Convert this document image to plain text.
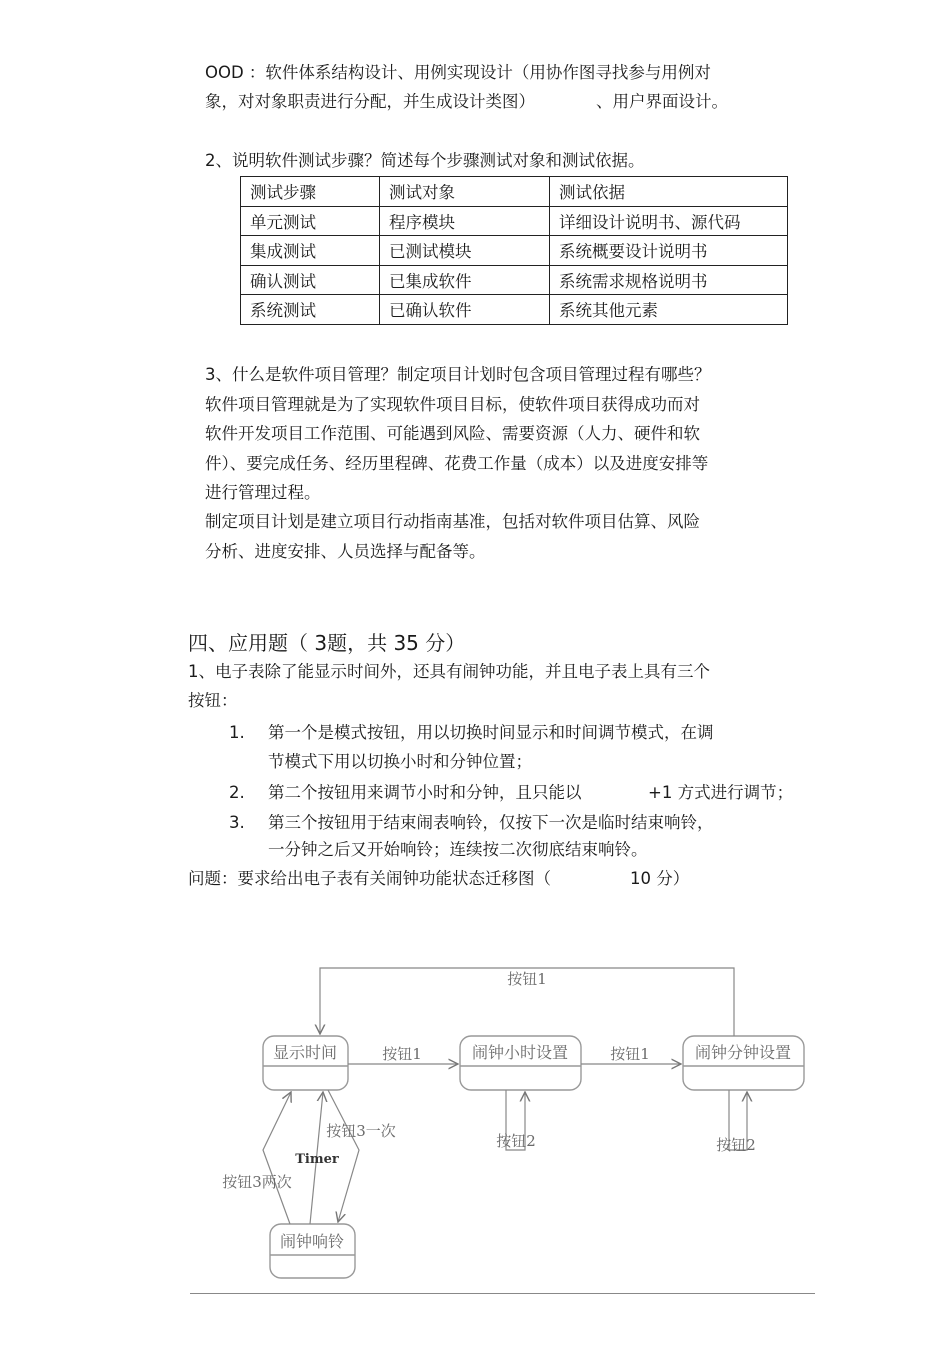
OOD ：软件体系结构设计、用例实现设计（用协作图寻找参与用例对
象，对对象职责进行分配，并生成设计类图）	、用户界面设计。
2、说明软件测试步骤？简述每个步骤测试对象和测试依据。
测试步骤	测试对象	测试依据
单元测试	程序模块	详细设计说明书、源代码
集成测试	已测试模块	系统概要设计说明书
确认测试	已集成软件	系统需求规格说明书
系统测试	已确认软件	系统其他元素
3、什么是软件项目管理？制定项目计划时包含项目管理过程有哪些？
软件项目管理就是为了实现软件项目目标，使软件项目获得成功而对
软件开发项目工作范围、可能遇到风险、需要资源（人力、硬件和软
件）、要完成任务、经历里程碑、花费工作量（成本）以及进度安排等
进行管理过程。
制定项目计划是建立项目行动指南基准，包括对软件项目估算、风险
分析、进度安排、人员选择与配备等。
四、应用题（ 3题，共 35 分）
1、电子表除了能显示时间外，还具有闹钟功能，并且电子表上具有三个
按钮：
1. 第一个是模式按钮，用以切换时间显示和时间调节模式，在调
节模式下用以切换小时和分钟位置；
2. 第二个按钮用来调节小时和分钟，且只能以	+1 方式进行调节；
3. 第三个按钮用于结束闹表响铃，仅按下一次是临时结束响铃，
一分钟之后又开始响铃；连续按二次彻底结束响铃。
问题：要求给出电子表有关闹钟功能状态迁移图（	10 分）
显示时间	闹钟小时设置	闹钟分钟设置
闹钟响铃
按钮1
按钮1	按钮1
按钮2	按钮2
按钮3一次
Timer
按钮3两次
